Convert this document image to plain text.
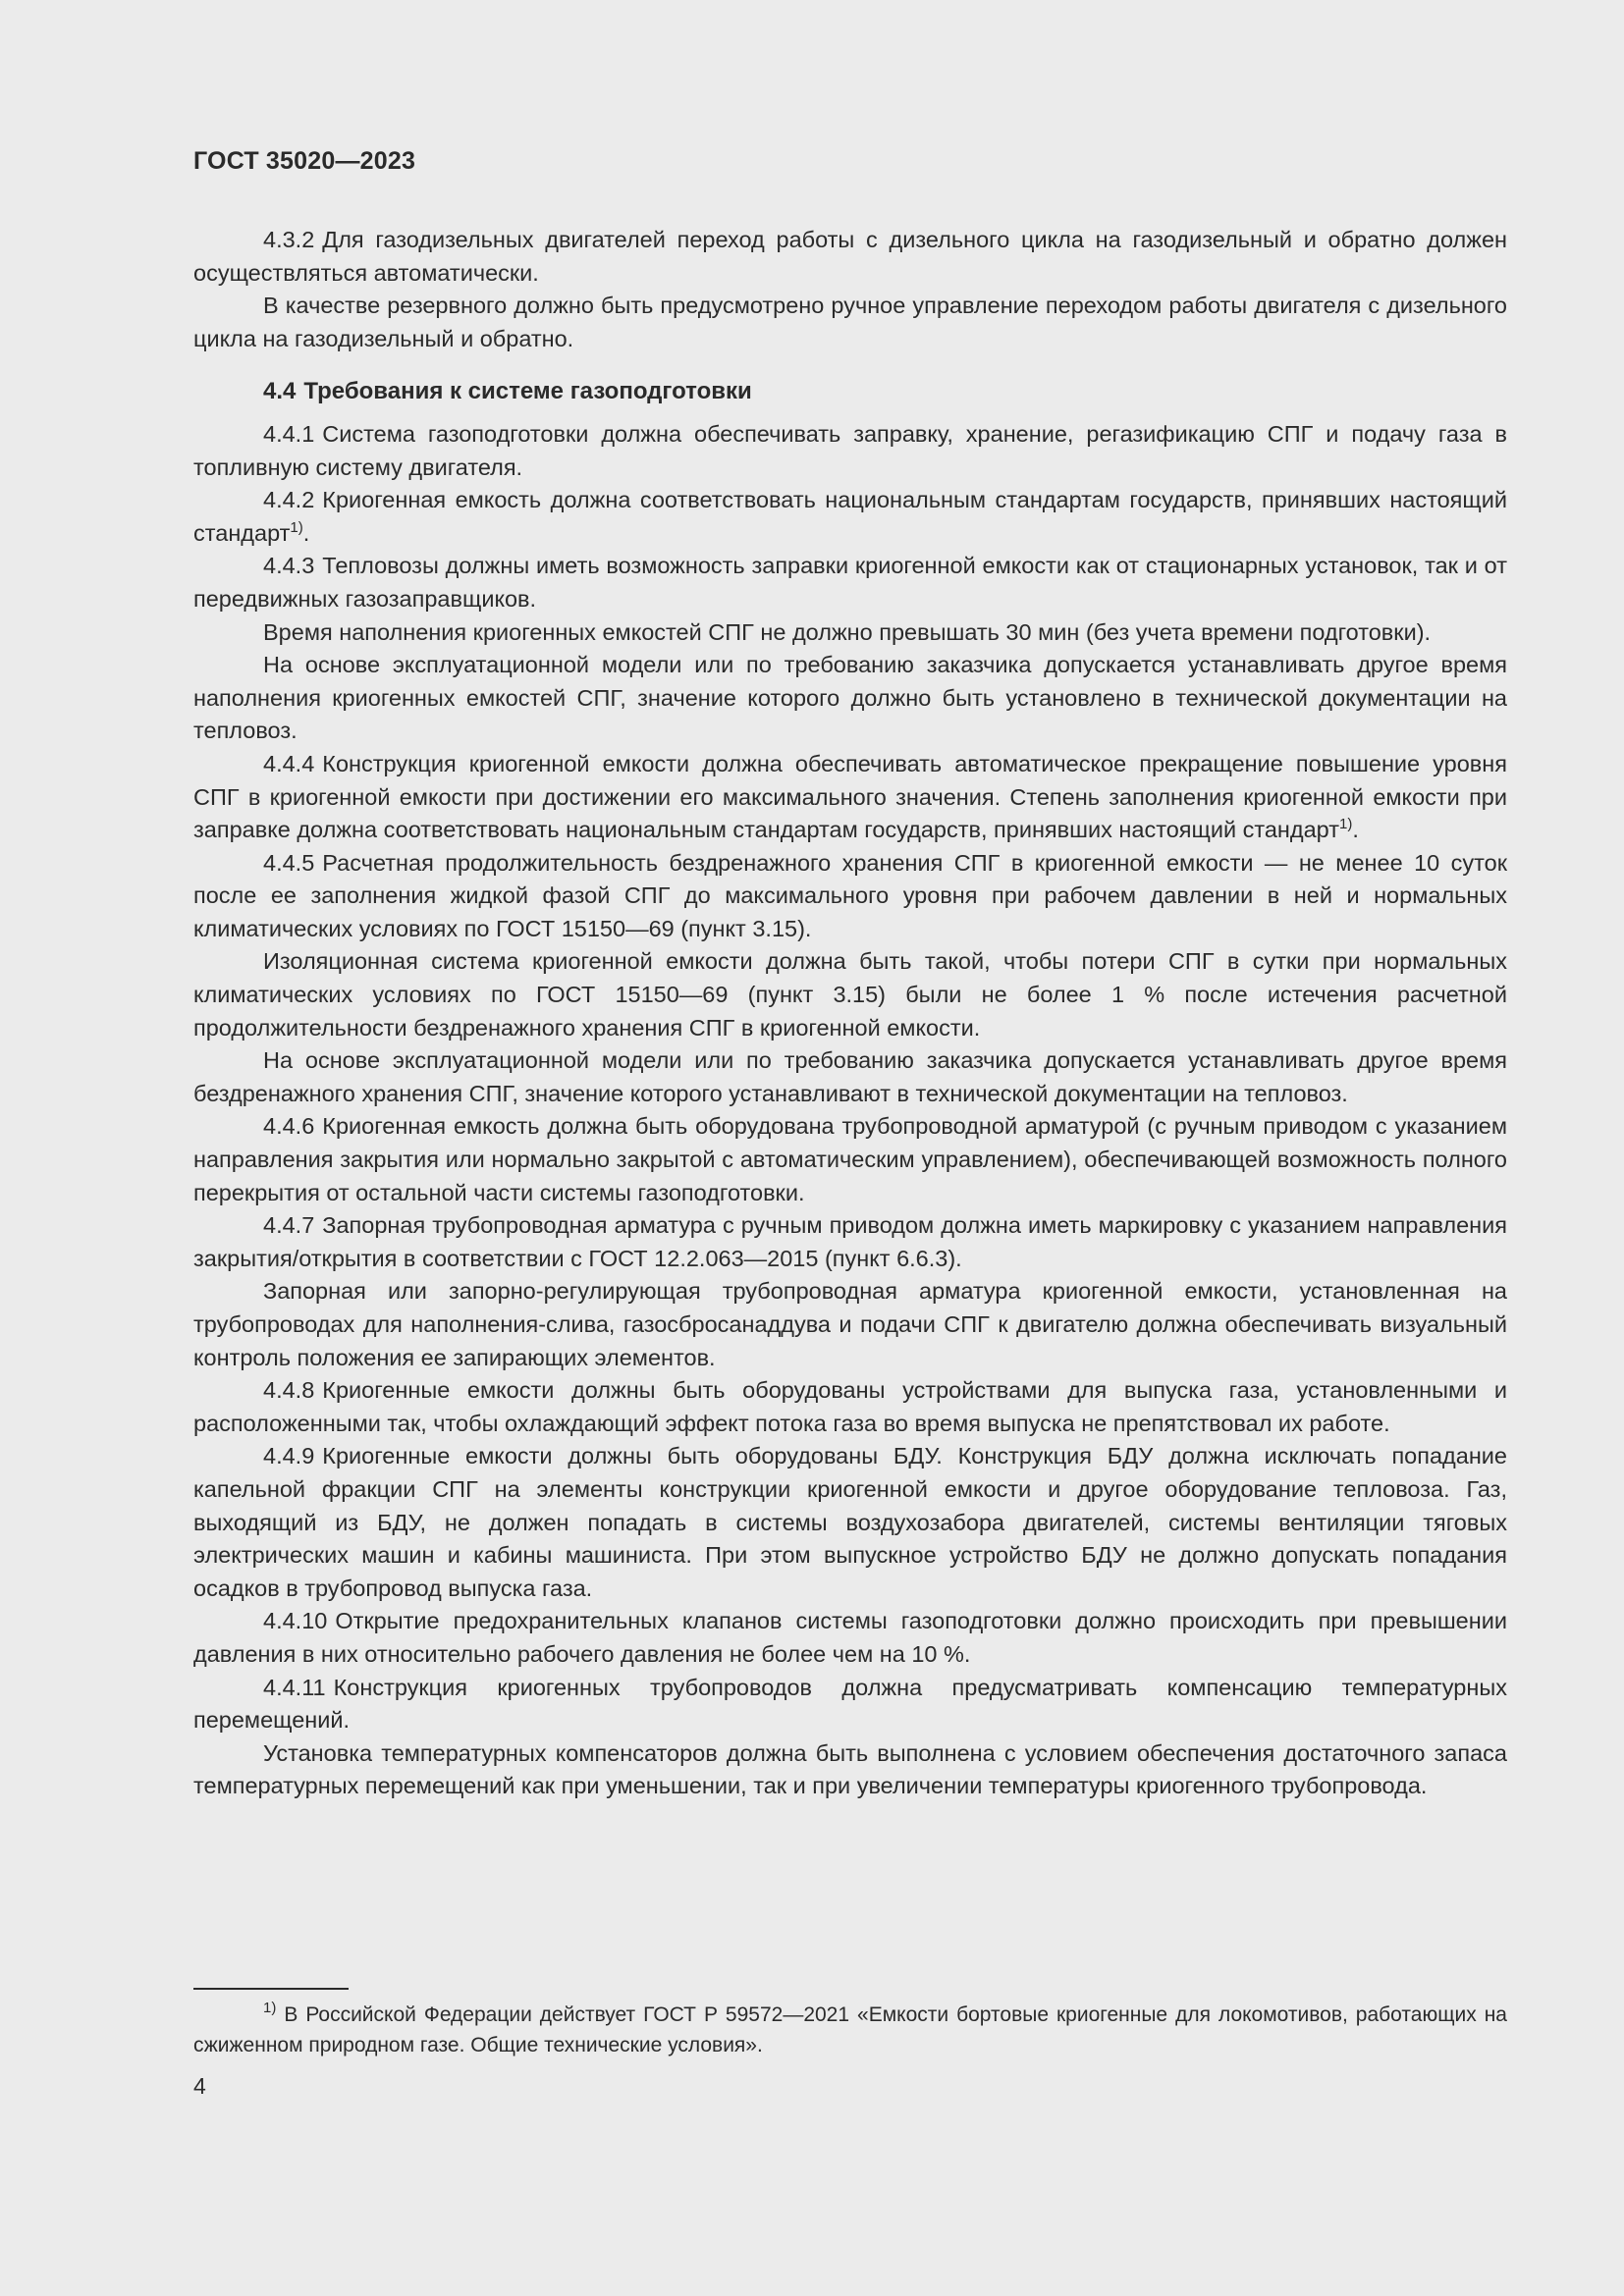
ГОСТ 35020—2023

4.3.2 Для газодизельных двигателей переход работы с дизельного цикла на газодизельный и обратно должен осуществляться автоматически.

В качестве резервного должно быть предусмотрено ручное управление переходом работы двигателя с дизельного цикла на газодизельный и обратно.

4.4 Требования к системе газоподготовки

4.4.1 Система газоподготовки должна обеспечивать заправку, хранение, регазификацию СПГ и подачу газа в топливную систему двигателя.

4.4.2 Криогенная емкость должна соответствовать национальным стандартам государств, принявших настоящий стандарт$^{1)}$.

4.4.3 Тепловозы должны иметь возможность заправки криогенной емкости как от стационарных установок, так и от передвижных газозаправщиков.

Время наполнения криогенных емкостей СПГ не должно превышать 30 мин (без учета времени подготовки).

На основе эксплуатационной модели или по требованию заказчика допускается устанавливать другое время наполнения криогенных емкостей СПГ, значение которого должно быть установлено в технической документации на тепловоз.

4.4.4 Конструкция криогенной емкости должна обеспечивать автоматическое прекращение повышение уровня СПГ в криогенной емкости при достижении его максимального значения. Степень заполнения криогенной емкости при заправке должна соответствовать национальным стандартам государств, принявших настоящий стандарт$^{1)}$.

4.4.5 Расчетная продолжительность бездренажного хранения СПГ в криогенной емкости — не менее 10 суток после ее заполнения жидкой фазой СПГ до максимального уровня при рабочем давлении в ней и нормальных климатических условиях по ГОСТ 15150—69 (пункт 3.15).

Изоляционная система криогенной емкости должна быть такой, чтобы потери СПГ в сутки при нормальных климатических условиях по ГОСТ 15150—69 (пункт 3.15) были не более 1 % после истечения расчетной продолжительности бездренажного хранения СПГ в криогенной емкости.

На основе эксплуатационной модели или по требованию заказчика допускается устанавливать другое время бездренажного хранения СПГ, значение которого устанавливают в технической документации на тепловоз.

4.4.6 Криогенная емкость должна быть оборудована трубопроводной арматурой (с ручным приводом с указанием направления закрытия или нормально закрытой с автоматическим управлением), обеспечивающей возможность полного перекрытия от остальной части системы газоподготовки.

4.4.7 Запорная трубопроводная арматура с ручным приводом должна иметь маркировку с указанием направления закрытия/открытия в соответствии с ГОСТ 12.2.063—2015 (пункт 6.6.3).

Запорная или запорно-регулирующая трубопроводная арматура криогенной емкости, установленная на трубопроводах для наполнения-слива, газосбросанаддува и подачи СПГ к двигателю должна обеспечивать визуальный контроль положения ее запирающих элементов.

4.4.8 Криогенные емкости должны быть оборудованы устройствами для выпуска газа, установленными и расположенными так, чтобы охлаждающий эффект потока газа во время выпуска не препятствовал их работе.

4.4.9 Криогенные емкости должны быть оборудованы БДУ. Конструкция БДУ должна исключать попадание капельной фракции СПГ на элементы конструкции криогенной емкости и другое оборудование тепловоза. Газ, выходящий из БДУ, не должен попадать в системы воздухозабора двигателей, системы вентиляции тяговых электрических машин и кабины машиниста. При этом выпускное устройство БДУ не должно допускать попадания осадков в трубопровод выпуска газа.

4.4.10 Открытие предохранительных клапанов системы газоподготовки должно происходить при превышении давления в них относительно рабочего давления не более чем на 10 %.

4.4.11 Конструкция криогенных трубопроводов должна предусматривать компенсацию температурных перемещений.

Установка температурных компенсаторов должна быть выполнена с условием обеспечения достаточного запаса температурных перемещений как при уменьшении, так и при увеличении температуры криогенного трубопровода.

$^{1)}$ В Российской Федерации действует ГОСТ Р 59572—2021 «Емкости бортовые криогенные для локомотивов, работающих на сжиженном природном газе. Общие технические условия».
4
